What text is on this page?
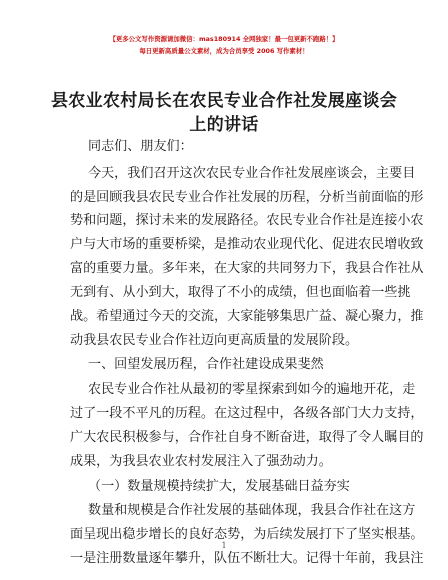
【更多公文写作资源请加微信：mas180914 全网独家！最一包更新不跑路！】
每日更新高质量公文素材，成为合员享受 2006 写作素材！
县农业农村局长在农民专业合作社发展座谈会
上的讲话
同志们、朋友们：
今天，我们召开这次农民专业合作社发展座谈会，主要目
的是回顾我县农民专业合作社发展的历程，分析当前面临的形
势和问题，探讨未来的发展路径。农民专业合作社是连接小农
户与大市场的重要桥梁，是推动农业现代化、促进农民增收致
富的重要力量。多年来，在大家的共同努力下，我县合作社从
无到有、从小到大，取得了不小的成绩，但也面临着一些挑
战。希望通过今天的交流，大家能够集思广益、凝心聚力，推
动我县农民专业合作社迈向更高质量的发展阶段。
一、回望发展历程，合作社建设成果斐然
农民专业合作社从最初的零星探索到如今的遍地开花，走
过了一段不平凡的历程。在这过程中，各级各部门大力支持，
广大农民积极参与，合作社自身不断奋进，取得了令人瞩目的
成果，为我县农业农村发展注入了强劲动力。
（一）数量规模持续扩大，发展基础日益夯实
数量和规模是合作社发展的基础体现，我县合作社在这方
面呈现出稳步增长的良好态势，为后续发展打下了坚实根基。
一是注册数量逐年攀升，队伍不断壮大。记得十年前，我县注
1
